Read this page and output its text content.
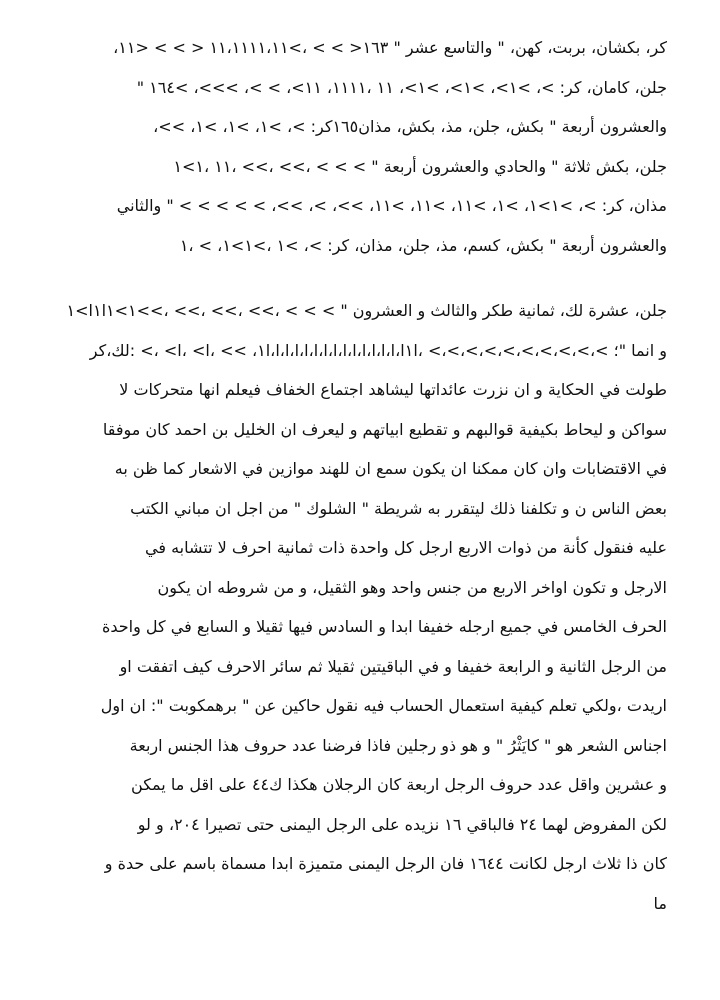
كر، بكشان، بربت، كهن، " والتاسع عشر " ١٦٣< > > ،>١١،١١١١،١١ < > > <١١،
جلن، كامان، كر: >، >١>، >١>، >١>، ١١ ،١١١١، ١١>، > >، >>>، >١٦٤ "
والعشرون أربعة " بكش، جلن، مذ، بكش، مذان١٦٥كر: >، >١، >١، >١، >>،
جلن، بكش ثلاثة " والحادي والعشرون أربعة " > > > ،>> ،>> ،١١ ،١>١
مذان، كر: >، >١>١، >١، >١١، >١١، >١١، >>، >، >>، > > > > > " والثاني
والعشرون أربعة " بكش، كسم، مذ، جلن، مذان، كر: >، >١ ،>١>١، > ،١
جلن، عشرة لك، ثمانية طكر والثالث و العشرون " > > > ،>> ،>> ،>> ،>>١>١ا١ا>١
و انما "؛ >،>،>،>،>،>،>،>،>،> ،ا١ا،ا،ا،ا،ا،ا،ا،ا،ا،ا،ا،ا،ا،ا،ا١، >> ،ا> ،ا> ،> :لك،كر
طولت في الحكاية و ان نزرت عائداتها ليشاهد اجتماع الخفاف فيعلم انها متحركات لا
سواكن و ليحاط بكيفية قوالبهم و تقطيع ابياتهم و ليعرف ان الخليل بن احمد كان موفقا
في الاقتضابات وان كان ممكنا ان يكون سمع ان للهند موازين في الاشعار كما ظن به
بعض الناس ن و تكلفنا ذلك ليتقرر به شريطة " الشلوك " من اجل ان مباني الكتب
عليه فنقول كأنة من ذوات الاربع ارجل كل واحدة ذات ثمانية احرف لا تتشابه في
الارجل و تكون اواخر الاربع من جنس واحد وهو الثقيل، و من شروطه ان يكون
الحرف الخامس في جميع ارجله خفيفا ابدا و السادس فيها ثقيلا و السابع في كل واحدة
من الرجل الثانية و الرابعة خفيفا و في الباقيتين ثقيلا ثم سائر الاحرف كيف اتفقت او
اريدت ،ولكي تعلم كيفية استعمال الحساب فيه نقول حاكين عن " برهمكوبت ": ان اول
اجناس الشعر هو " كايَثْرُ " و هو ذو رجلين فاذا فرضنا عدد حروف هذا الجنس اربعة
و عشرين واقل عدد حروف الرجل اربعة كان الرجلان هكذا ك٤٤ على اقل ما يمكن
لكن المفروض لهما ٢٤ فالباقي ١٦ نزيده على الرجل اليمنى حتى تصيرا ٢٠٤، و لو
كان ذا ثلاث ارجل لكانت ١٦٤٤ فان الرجل اليمنى متميزة ابدا مسماة باسم على حدة و
ما
